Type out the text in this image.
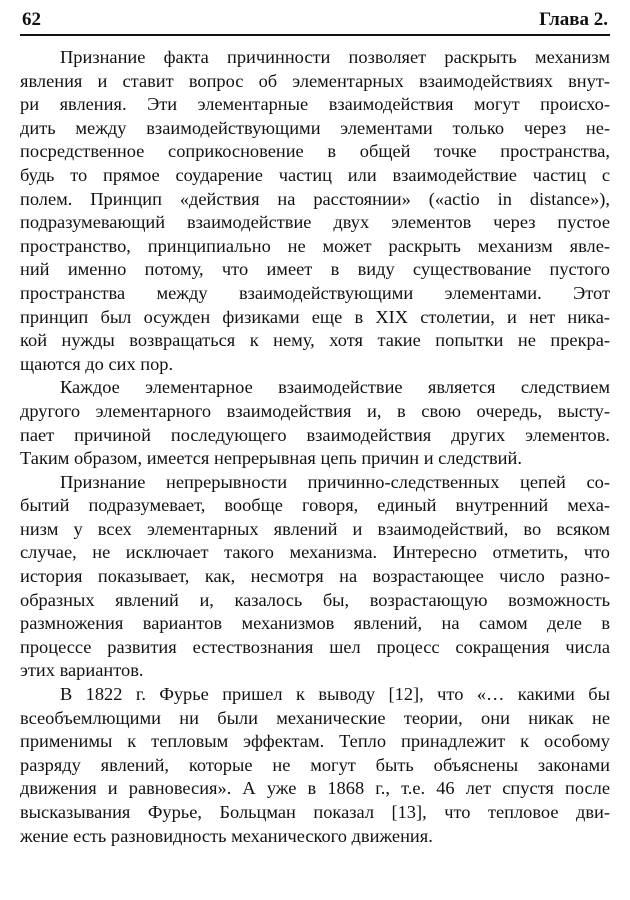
62	Глава 2.
Признание факта причинности позволяет раскрыть механизм
явления и ставит вопрос об элементарных взаимодействиях внут-
ри явления. Эти элементарные взаимодействия могут происхо-
дить между взаимодействующими элементами только через не-
посредственное соприкосновение в общей точке пространства,
будь то прямое соударение частиц или взаимодействие частиц с
полем. Принцип «действия на расстоянии» («actio in distance»),
подразумевающий взаимодействие двух элементов через пустое
пространство, принципиально не может раскрыть механизм явле-
ний именно потому, что имеет в виду существование пустого
пространства между взаимодействующими элементами. Этот
принцип был осужден физиками еще в XIX столетии, и нет ника-
кой нужды возвращаться к нему, хотя такие попытки не прекра-
щаются до сих пор.
Каждое элементарное взаимодействие является следствием
другого элементарного взаимодействия и, в свою очередь, высту-
пает причиной последующего взаимодействия других элементов.
Таким образом, имеется непрерывная цепь причин и следствий.
Признание непрерывности причинно-следственных цепей со-
бытий подразумевает, вообще говоря, единый внутренний меха-
низм у всех элементарных явлений и взаимодействий, во всяком
случае, не исключает такого механизма. Интересно отметить, что
история показывает, как, несмотря на возрастающее число разно-
образных явлений и, казалось бы, возрастающую возможность
размножения вариантов механизмов явлений, на самом деле в
процессе развития естествознания шел процесс сокращения числа
этих вариантов.
В 1822 г. Фурье пришел к выводу [12], что «… какими бы
всеобъемлющими ни были механические теории, они никак не
применимы к тепловым эффектам. Тепло принадлежит к особому
разряду явлений, которые не могут быть объяснены законами
движения и равновесия». А уже в 1868 г., т.е. 46 лет спустя после
высказывания Фурье, Больцман показал [13], что тепловое дви-
жение есть разновидность механического движения.
